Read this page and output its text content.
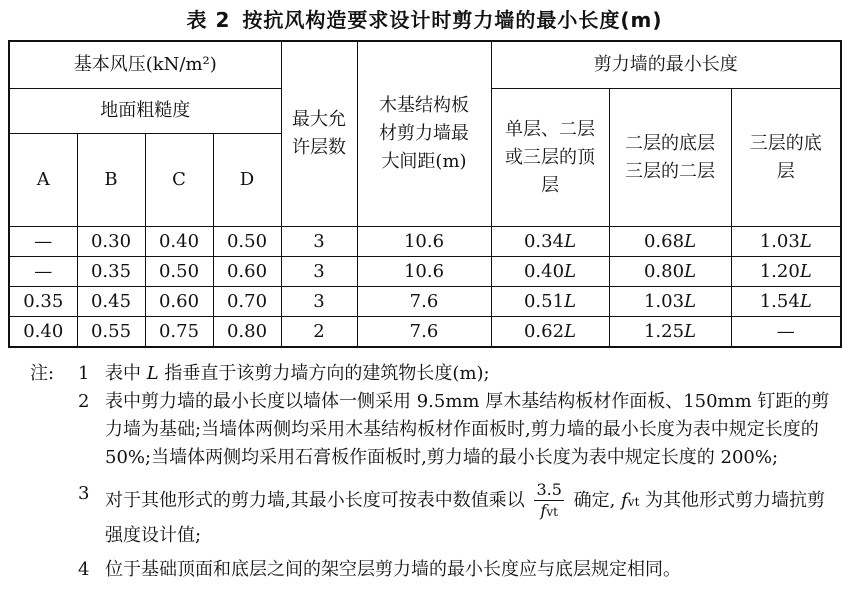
表 2 按抗风构造要求设计时剪力墙的最小长度(m)
基本风压(kN/m²)				最大允许层数	木基结构板材剪力墙最大间距(m)	剪力墙的最小长度		
地面粗糙度						单层、二层或三层的顶层	二层的底层三层的二层	三层的底层
A	B	C	D					
—	0.30	0.40	0.50	3	10.6	0.34L	0.68L	1.03L
—	0.35	0.50	0.60	3	10.6	0.40L	0.80L	1.20L
0.35	0.45	0.60	0.70	3	7.6	0.51L	1.03L	1.54L
0.40	0.55	0.75	0.80	2	7.6	0.62L	1.25L	—
注: 1 表中 L 指垂直于该剪力墙方向的建筑物长度(m);
2 表中剪力墙的最小长度以墙体一侧采用 9.5mm 厚木基结构板材作面板、150mm 钉距的剪力墙为基础;当墙体两侧均采用木基结构板材作面板时,剪力墙的最小长度为表中规定长度的 50%;当墙体两侧均采用石膏板作面板时,剪力墙的最小长度为表中规定长度的 200%;
3 对于其他形式的剪力墙,其最小长度可按表中数值乘以 $\frac{3.5}{\text{fvt}}$ 确定, fvt 为其他形式剪力墙抗剪强度设计值;
4 位于基础顶面和底层之间的架空层剪力墙的最小长度应与底层规定相同。
